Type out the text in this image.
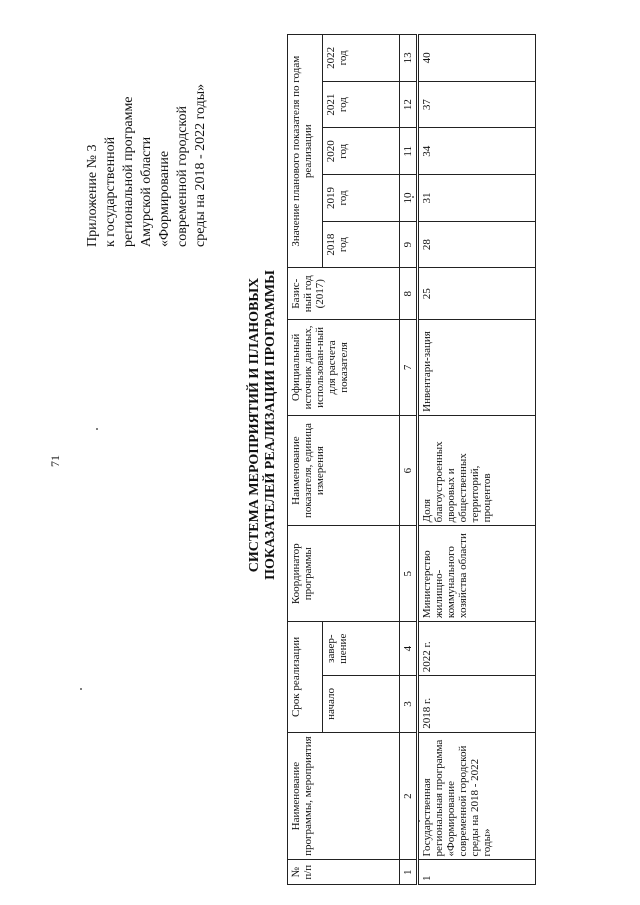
71
Приложение № 3 к государственной региональной программе Амурской области «Формирование современной городской среды на 2018 - 2022 годы»
СИСТЕМА МЕРОПРИЯТИЙ И ПЛАНОВЫХ ПОКАЗАТЕЛЕЙ РЕАЛИЗАЦИИ ПРОГРАММЫ
№ п/п	Наименование программы, мероприятия	Срок реализации		Координатор программы	Наименование показателя, единица измерения	Официальный источник данных, использован-ный для расчета показателя	Базис-ный год (2017)	Значение планового показателя по годам реализации				
		начало	завер-шение					2018 год	2019 год	2020 год	2021 год	2022 год
1	2	3	4	5	6	7	8	9	10	11	12	13
1	Государственная региональная программа «Формирование современной городской среды на 2018 - 2022 годы»	2018 г.	2022 г.	Министерство жилищно-коммунального хозяйства области	Доля благоустроенных дворовых и общественных территорий, процентов	Инвентари-зация	25	28	31	34	37	40
